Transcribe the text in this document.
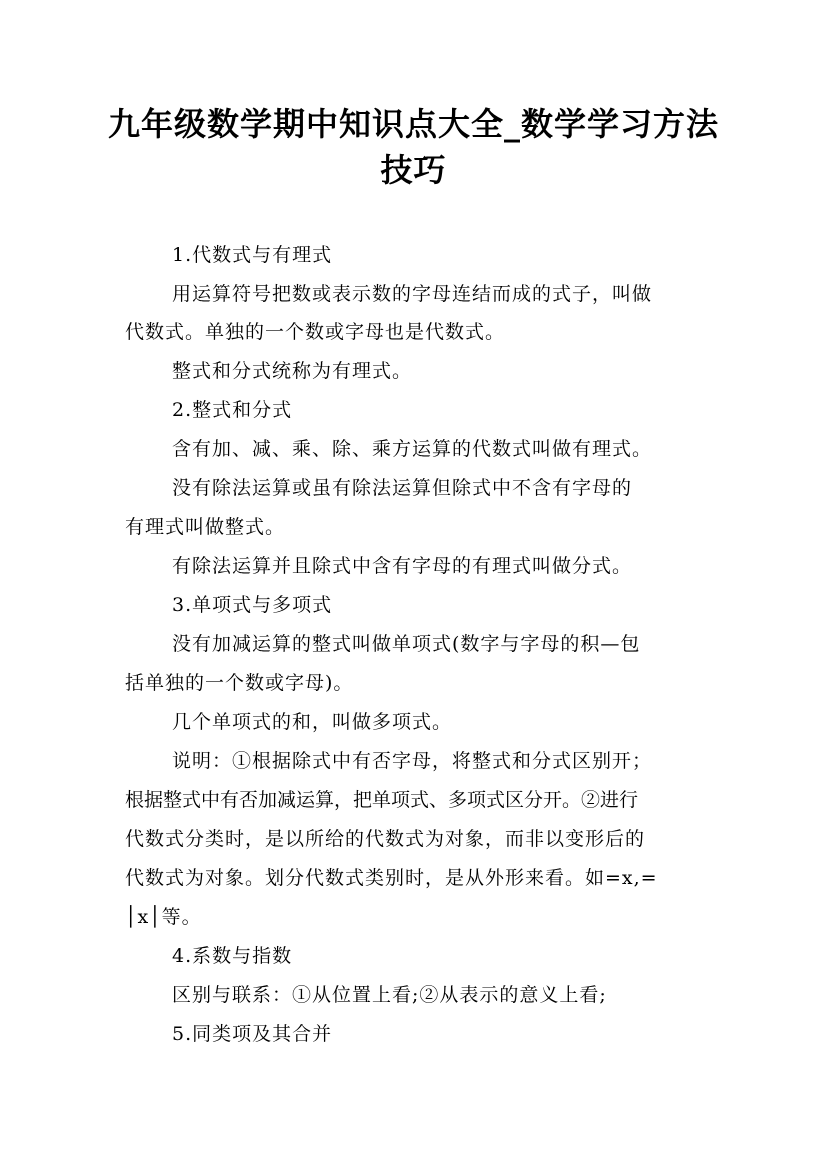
九年级数学期中知识点大全_数学学习方法
技巧
1.代数式与有理式
用运算符号把数或表示数的字母连结而成的式子，叫做
代数式。单独的一个数或字母也是代数式。
整式和分式统称为有理式。
2.整式和分式
含有加、减、乘、除、乘方运算的代数式叫做有理式。
没有除法运算或虽有除法运算但除式中不含有字母的
有理式叫做整式。
有除法运算并且除式中含有字母的有理式叫做分式。
3.单项式与多项式
没有加减运算的整式叫做单项式(数字与字母的积—包
括单独的一个数或字母)。
几个单项式的和，叫做多项式。
说明：①根据除式中有否字母，将整式和分式区别开；
根据整式中有否加减运算，把单项式、多项式区分开。②进行
代数式分类时，是以所给的代数式为对象，而非以变形后的
代数式为对象。划分代数式类别时，是从外形来看。如=x,=
│x│等。
4.系数与指数
区别与联系：①从位置上看;②从表示的意义上看;
5.同类项及其合并
